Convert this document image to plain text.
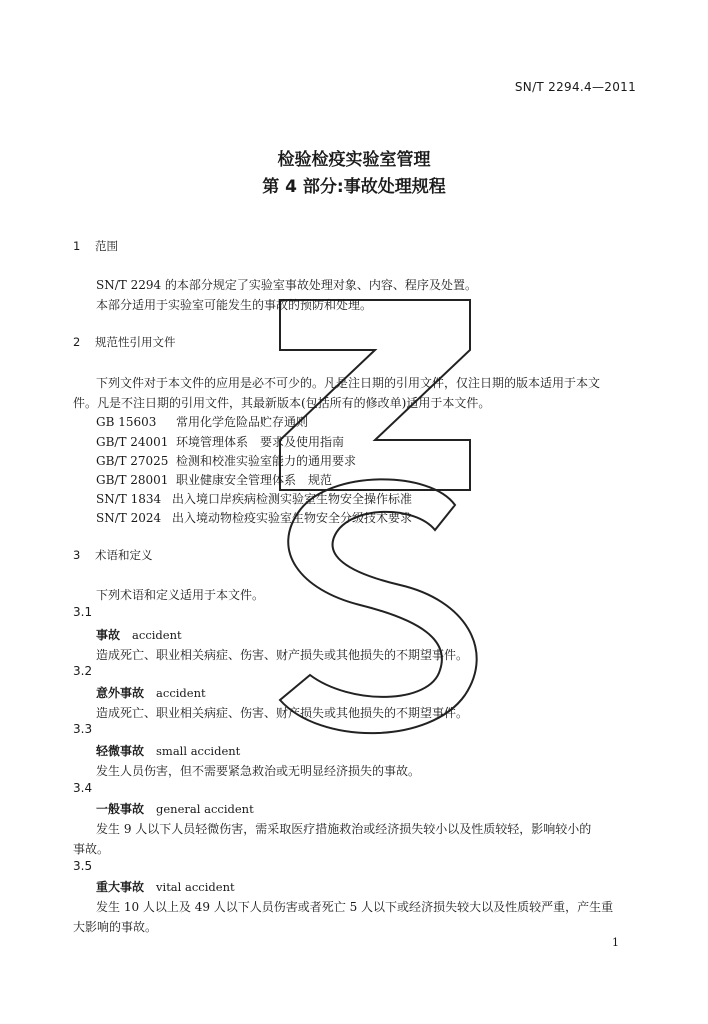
SN/T 2294.4—2011
检验检疫实验室管理
第 4 部分:事故处理规程
1 范围
SN/T 2294 的本部分规定了实验室事故处理对象、内容、程序及处置。
本部分适用于实验室可能发生的事故的预防和处理。
2 规范性引用文件
下列文件对于本文件的应用是必不可少的。凡是注日期的引用文件，仅注日期的版本适用于本文
件。凡是不注日期的引用文件，其最新版本(包括所有的修改单)适用于本文件。
GB 15603 常用化学危险品贮存通则
GB/T 24001 环境管理体系　要求及使用指南
GB/T 27025 检测和校准实验室能力的通用要求
GB/T 28001 职业健康安全管理体系　规范
SN/T 1834 出入境口岸疾病检测实验室生物安全操作标准
SN/T 2024 出入境动物检疫实验室生物安全分级技术要求
3 术语和定义
下列术语和定义适用于本文件。
3.1
事故 accident
造成死亡、职业相关病症、伤害、财产损失或其他损失的不期望事件。
3.2
意外事故 accident
造成死亡、职业相关病症、伤害、财产损失或其他损失的不期望事件。
3.3
轻微事故 small accident
发生人员伤害，但不需要紧急救治或无明显经济损失的事故。
3.4
一般事故 general accident
发生 9 人以下人员轻微伤害，需采取医疗措施救治或经济损失较小以及性质较轻，影响较小的
事故。
3.5
重大事故 vital accident
发生 10 人以上及 49 人以下人员伤害或者死亡 5 人以下或经济损失较大以及性质较严重，产生重
大影响的事故。
1
